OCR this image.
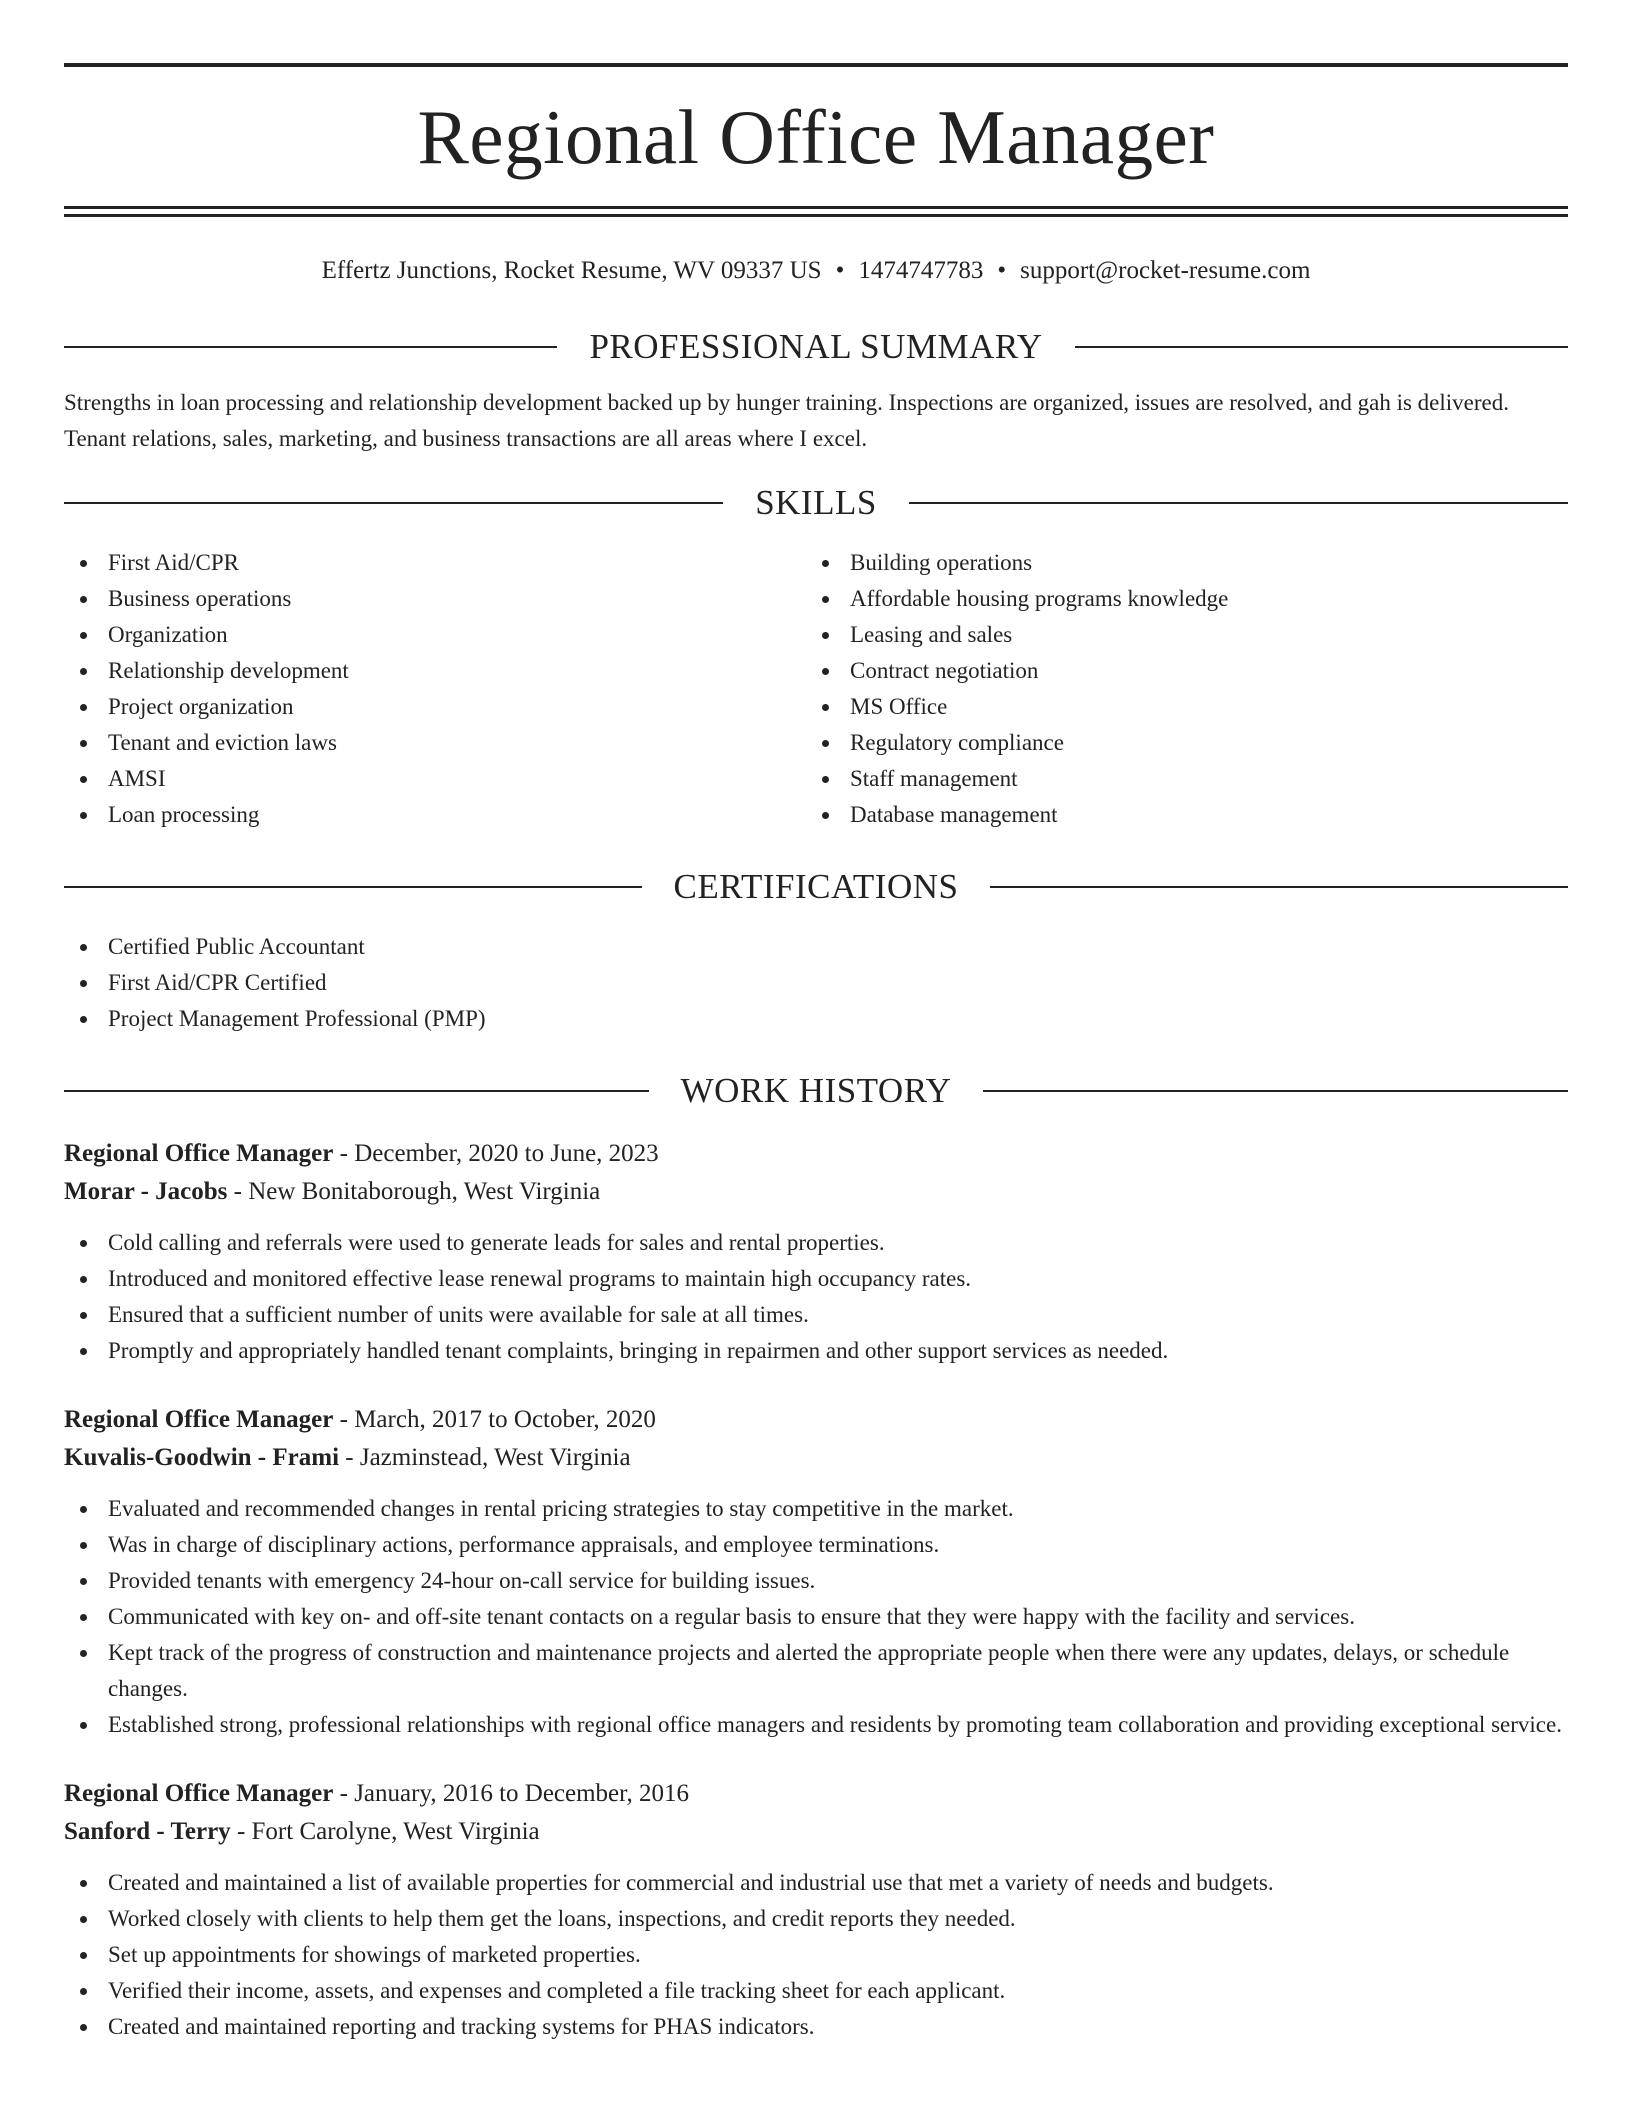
Regional Office Manager
Effertz Junctions, Rocket Resume, WV 09337 US • 1474747783 • support@rocket-resume.com
PROFESSIONAL SUMMARY

Strengths in loan processing and relationship development backed up by hunger training. Inspections are organized, issues are resolved, and gah is delivered. Tenant relations, sales, marketing, and business transactions are all areas where I excel.

SKILLS
First Aid/CPR
Business operations
Organization
Relationship development
Project organization
Tenant and eviction laws
AMSI
Loan processing
Building operations
Affordable housing programs knowledge
Leasing and sales
Contract negotiation
MS Office
Regulatory compliance
Staff management
Database management
CERTIFICATIONS
Certified Public Accountant
First Aid/CPR Certified
Project Management Professional (PMP)
WORK HISTORY
Regional Office Manager - December, 2020 to June, 2023
Morar - Jacobs - New Bonitaborough, West Virginia
Cold calling and referrals were used to generate leads for sales and rental properties.
Introduced and monitored effective lease renewal programs to maintain high occupancy rates.
Ensured that a sufficient number of units were available for sale at all times.
Promptly and appropriately handled tenant complaints, bringing in repairmen and other support services as needed.
Regional Office Manager - March, 2017 to October, 2020
Kuvalis-Goodwin - Frami - Jazminstead, West Virginia
Evaluated and recommended changes in rental pricing strategies to stay competitive in the market.
Was in charge of disciplinary actions, performance appraisals, and employee terminations.
Provided tenants with emergency 24-hour on-call service for building issues.
Communicated with key on- and off-site tenant contacts on a regular basis to ensure that they were happy with the facility and services.
Kept track of the progress of construction and maintenance projects and alerted the appropriate people when there were any updates, delays, or schedule changes.
Established strong, professional relationships with regional office managers and residents by promoting team collaboration and providing exceptional service.
Regional Office Manager - January, 2016 to December, 2016
Sanford - Terry - Fort Carolyne, West Virginia
Created and maintained a list of available properties for commercial and industrial use that met a variety of needs and budgets.
Worked closely with clients to help them get the loans, inspections, and credit reports they needed.
Set up appointments for showings of marketed properties.
Verified their income, assets, and expenses and completed a file tracking sheet for each applicant.
Created and maintained reporting and tracking systems for PHAS indicators.
